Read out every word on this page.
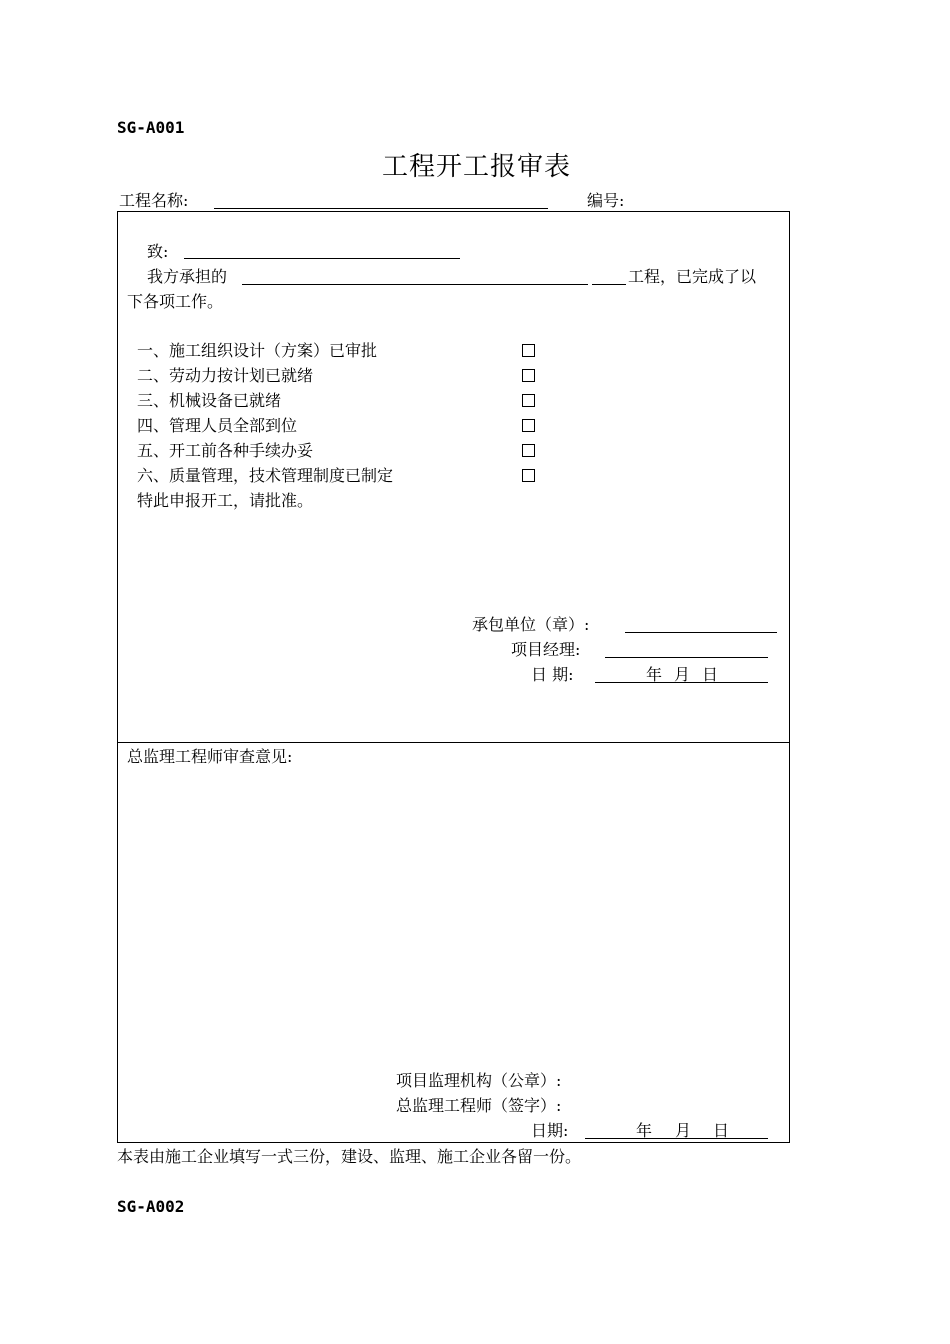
SG-A001
工程开工报审表
工程名称:	编号:
致:
我方承担的	工程，已完成了以
下各项工作。
一、施工组织设计（方案）已审批
二、劳动力按计划已就绪
三、机械设备已就绪
四、管理人员全部到位
五、开工前各种手续办妥
六、质量管理，技术管理制度已制定
特此申报开工，请批准。
承包单位（章）:
项目经理:
日 期:	年 月 日
总监理工程师审查意见:
项目监理机构（公章）:
总监理工程师（签字）:
日期:	年 月 日
本表由施工企业填写一式三份，建设、监理、施工企业各留一份。
SG-A002
